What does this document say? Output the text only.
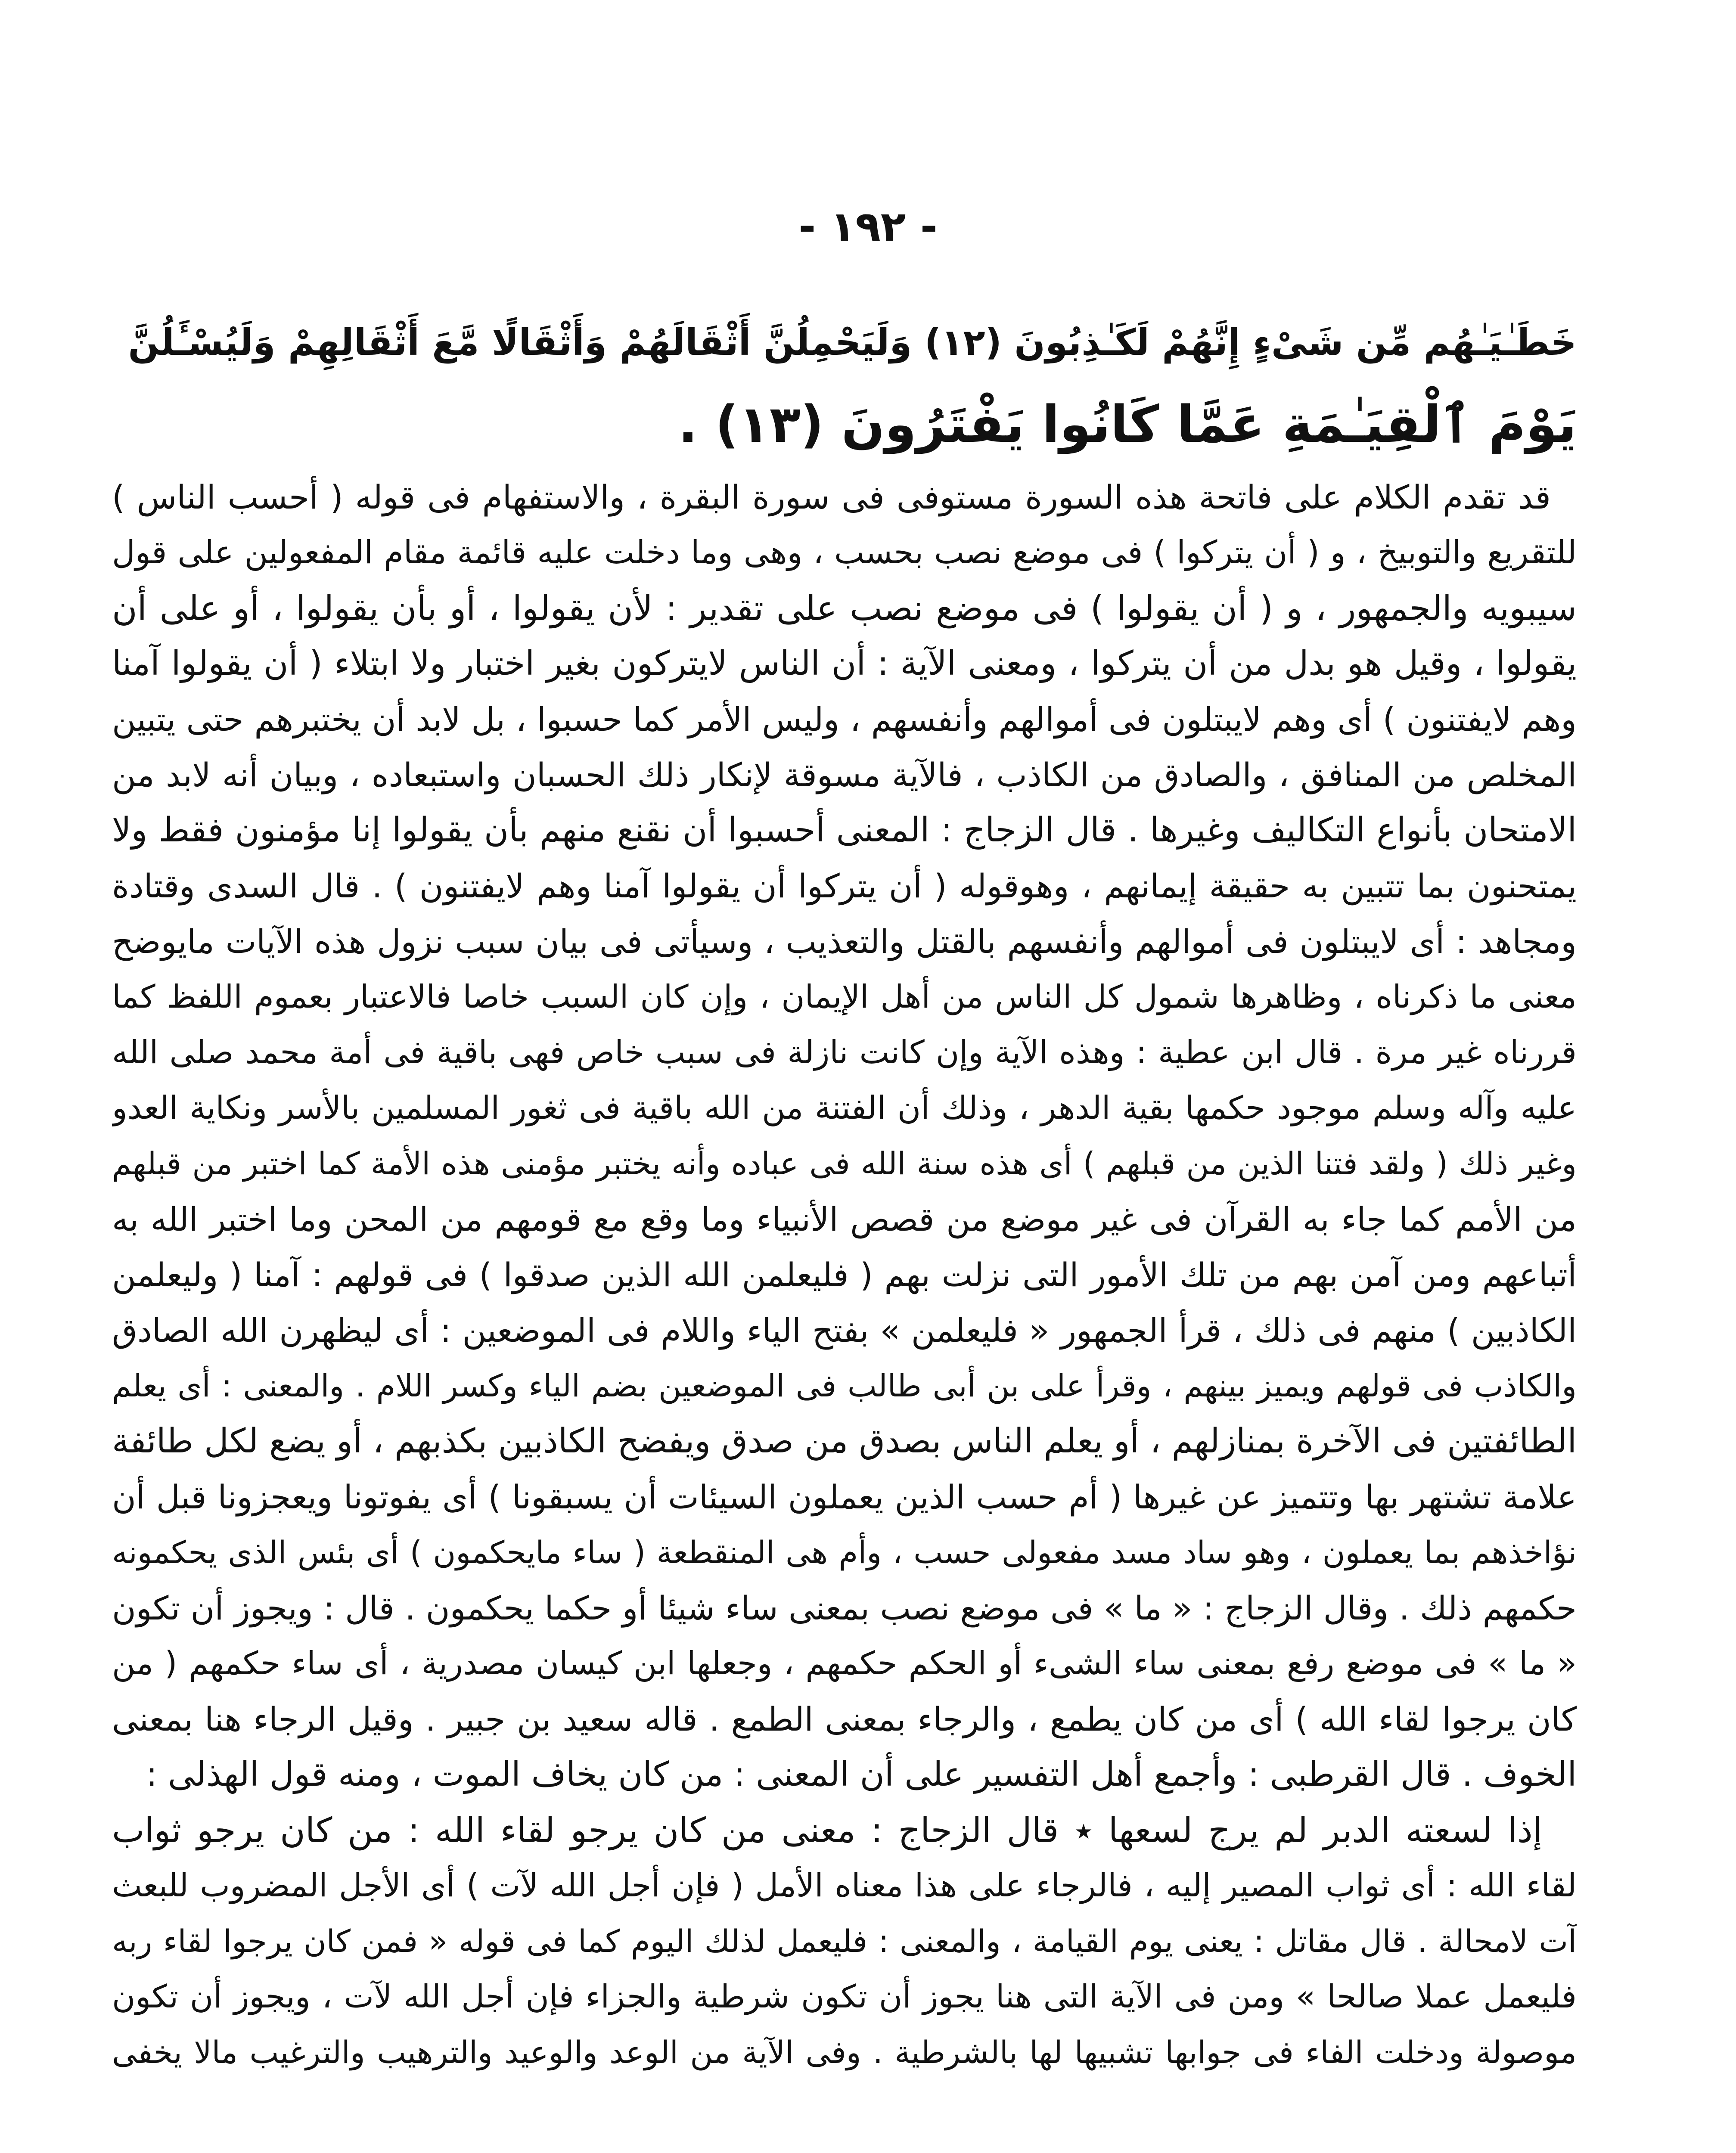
- ١٩٢ -
خَطَـٰيَـٰهُم مِّن شَىْءٍ إِنَّهُمْ لَكَـٰذِبُونَ (١٢) وَلَيَحْمِلُنَّ أَثْقَالَهُمْ وَأَثْقَالًا مَّعَ أَثْقَالِهِمْ وَلَيُسْـَٔلُنَّ
يَوْمَ ٱلْقِيَـٰمَةِ عَمَّا كَانُوا يَفْتَرُونَ (١٣) .
قد تقدم الكلام على فاتحة هذه السورة مستوفى فى سورة البقرة ، والاستفهام فى قوله ( أحسب الناس )
للتقريع والتوبيخ ، و ( أن يتركوا ) فى موضع نصب بحسب ، وهى وما دخلت عليه قائمة مقام المفعولين على قول
سيبويه والجمهور ، و ( أن يقولوا ) فى موضع نصب على تقدير : لأن يقولوا ، أو بأن يقولوا ، أو على أن
يقولوا ، وقيل هو بدل من أن يتركوا ، ومعنى الآية : أن الناس لايتركون بغير اختبار ولا ابتلاء ( أن يقولوا آمنا
وهم لايفتنون ) أى وهم لايبتلون فى أموالهم وأنفسهم ، وليس الأمر كما حسبوا ، بل لابد أن يختبرهم حتى يتبين
المخلص من المنافق ، والصادق من الكاذب ، فالآية مسوقة لإنكار ذلك الحسبان واستبعاده ، وبيان أنه لابد من
الامتحان بأنواع التكاليف وغيرها . قال الزجاج : المعنى أحسبوا أن نقنع منهم بأن يقولوا إنا مؤمنون فقط ولا
يمتحنون بما تتبين به حقيقة إيمانهم ، وهوقوله ( أن يتركوا أن يقولوا آمنا وهم لايفتنون ) . قال السدى وقتادة
ومجاهد : أى لايبتلون فى أموالهم وأنفسهم بالقتل والتعذيب ، وسيأتى فى بيان سبب نزول هذه الآيات مايوضح
معنى ما ذكرناه ، وظاهرها شمول كل الناس من أهل الإيمان ، وإن كان السبب خاصا فالاعتبار بعموم اللفظ كما
قررناه غير مرة . قال ابن عطية : وهذه الآية وإن كانت نازلة فى سبب خاص فهى باقية فى أمة محمد صلى الله
عليه وآله وسلم موجود حكمها بقية الدهر ، وذلك أن الفتنة من الله باقية فى ثغور المسلمين بالأسر ونكاية العدو
وغير ذلك ( ولقد فتنا الذين من قبلهم ) أى هذه سنة الله فى عباده وأنه يختبر مؤمنى هذه الأمة كما اختبر من قبلهم
من الأمم كما جاء به القرآن فى غير موضع من قصص الأنبياء وما وقع مع قومهم من المحن وما اختبر الله به
أتباعهم ومن آمن بهم من تلك الأمور التى نزلت بهم ( فليعلمن الله الذين صدقوا ) فى قولهم : آمنا ( وليعلمن
الكاذبين ) منهم فى ذلك ، قرأ الجمهور « فليعلمن » بفتح الياء واللام فى الموضعين : أى ليظهرن الله الصادق
والكاذب فى قولهم ويميز بينهم ، وقرأ على بن أبى طالب فى الموضعين بضم الياء وكسر اللام . والمعنى : أى يعلم
الطائفتين فى الآخرة بمنازلهم ، أو يعلم الناس بصدق من صدق ويفضح الكاذبين بكذبهم ، أو يضع لكل طائفة
علامة تشتهر بها وتتميز عن غيرها ( أم حسب الذين يعملون السيئات أن يسبقونا ) أى يفوتونا ويعجزونا قبل أن
نؤاخذهم بما يعملون ، وهو ساد مسد مفعولى حسب ، وأم هى المنقطعة ( ساء مايحكمون ) أى بئس الذى يحكمونه
حكمهم ذلك . وقال الزجاج : « ما » فى موضع نصب بمعنى ساء شيئا أو حكما يحكمون . قال : ويجوز أن تكون
« ما » فى موضع رفع بمعنى ساء الشىء أو الحكم حكمهم ، وجعلها ابن كيسان مصدرية ، أى ساء حكمهم ( من
كان يرجوا لقاء الله ) أى من كان يطمع ، والرجاء بمعنى الطمع . قاله سعيد بن جبير . وقيل الرجاء هنا بمعنى
الخوف . قال القرطبى : وأجمع أهل التفسير على أن المعنى : من كان يخاف الموت ، ومنه قول الهذلى :
إذا لسعته الدبر لم يرج لسعها ٭ قال الزجاج : معنى من كان يرجو لقاء الله : من كان يرجو ثواب
لقاء الله : أى ثواب المصير إليه ، فالرجاء على هذا معناه الأمل ( فإن أجل الله لآت ) أى الأجل المضروب للبعث
آت لامحالة . قال مقاتل : يعنى يوم القيامة ، والمعنى : فليعمل لذلك اليوم كما فى قوله « فمن كان يرجوا لقاء ربه
فليعمل عملا صالحا » ومن فى الآية التى هنا يجوز أن تكون شرطية والجزاء فإن أجل الله لآت ، ويجوز أن تكون
موصولة ودخلت الفاء فى جوابها تشبيها لها بالشرطية . وفى الآية من الوعد والوعيد والترهيب والترغيب مالا يخفى
